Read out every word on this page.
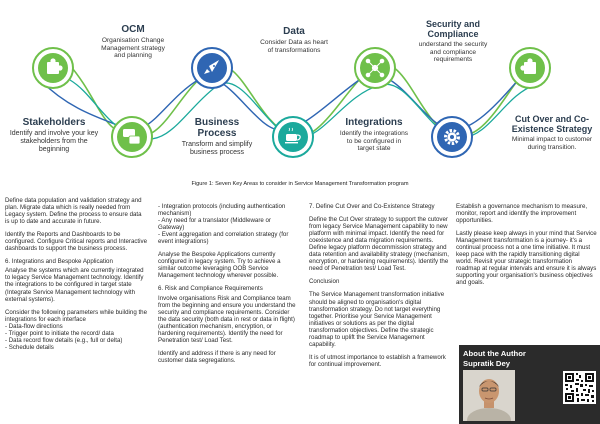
Stakeholders
Identify and involve your key stakeholders from the beginning
OCM
Organisation Change Management strategy and planning
Business Process
Transform and simplify business process
Data
Consider Data as heart of transformations
Integrations
Identify the integrations to be configured in target state
Security and Compliance
understand the security and compliance requirements
Cut Over and Co-Existence Strategy
Minimal impact to customer during transition.
Figure 1: Seven Key Areas to consider in Service Management Transformation program

Define data population and validation strategy and plan. Migrate data which is really needed from Legacy system. Define the process to ensure data is up to date and accurate in future.

Identify the Reports and Dashboards to be configured. Configure Critical reports and Interactive dashboards to support the business process.

6. Integrations and Bespoke Application

Analyse the systems which are currently integrated to legacy Service Management technology. Identify the integrations to be configured in target state (Integrate Service Management technology with external systems).

Consider the following parameters while building the integrations for each interface

- Data-flow directions

- Trigger point to initiate the record/ data

- Data record flow details (e.g., full or delta)

- Schedule details

- Integration protocols (including authentication mechanism)

- Any need for a translator (Middleware or Gateway)

- Event aggregation and correlation strategy (for event integrations)

Analyse the Bespoke Applications currently configured in legacy system. Try to achieve a similar outcome leveraging OOB Service Management technology wherever possible.

6. Risk and Compliance Requirements

Involve organisations Risk and Compliance team from the beginning and ensure you understand the security and compliance requirements. Consider the data security (both data in rest or data in flight) (authentication mechanism, encryption, or hardening requirements). Identify the need for Penetration test/ Load Test.

Identify and address if there is any need for customer data segregations.

7. Define Cut Over and Co-Existence Strategy

Define the Cut Over strategy to support the cutover from legacy Service Management capability to new platform with minimal impact. Identify the need for coexistence and data migration requirements. Define legacy platform decommission strategy and data retention and availability strategy (mechanism, encryption, or hardening requirements). Identify the need of Penetration test/ Load Test.

Conclusion

The Service Management transformation initiative should be aligned to organisation's digital transformation strategy. Do not target everything together. Prioritise your Service Management initiatives or solutions as per the digital transformation objectives. Define the strategic roadmap to uplift the Service Management capability.

It is of utmost importance to establish a framework for continual improvement.

Establish a governance mechanism to measure, monitor, report and identify the improvement opportunities.

Lastly please keep always in your mind that Service Management transformation is a journey- it's a continual process not a one time initiative. It must keep pace with the rapidly transitioning digital world. Revisit your strategic transformation roadmap at regular intervals and ensure it is always supporting your organisation's business objectives and goals.

About the Author
Supratik Dey
